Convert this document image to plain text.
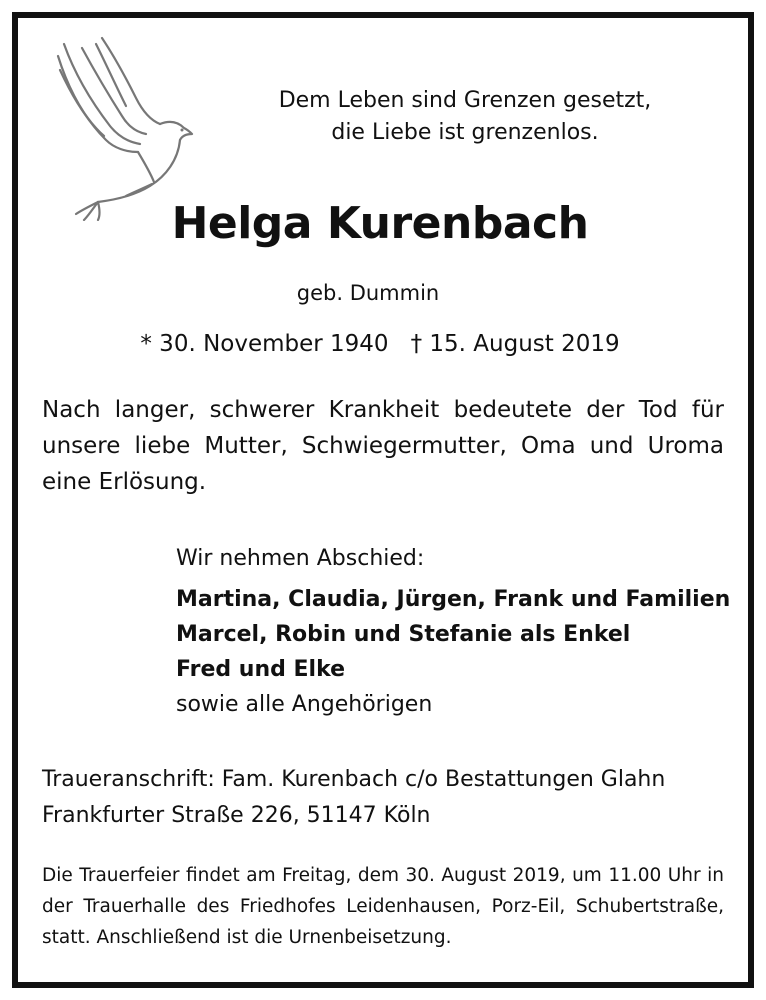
Dem Leben sind Grenzen gesetzt,
die Liebe ist grenzenlos.
Helga Kurenbach
geb. Dummin
* 30. November 1940 † 15. August 2019
Nach langer, schwerer Krankheit bedeutete der Tod für unsere liebe Mutter, Schwiegermutter, Oma und Uroma eine Erlösung.
Wir nehmen Abschied:
Martina, Claudia, Jürgen, Frank und Familien
Marcel, Robin und Stefanie als Enkel
Fred und Elke
sowie alle Angehörigen
Traueranschrift: Fam. Kurenbach c/o Bestattungen Glahn
Frankfurter Straße 226, 51147 Köln
Die Trauerfeier findet am Freitag, dem 30. August 2019, um 11.00 Uhr in der Trauerhalle des Friedhofes Leidenhausen, Porz-Eil, Schubertstraße, statt. Anschließend ist die Urnenbeisetzung.
